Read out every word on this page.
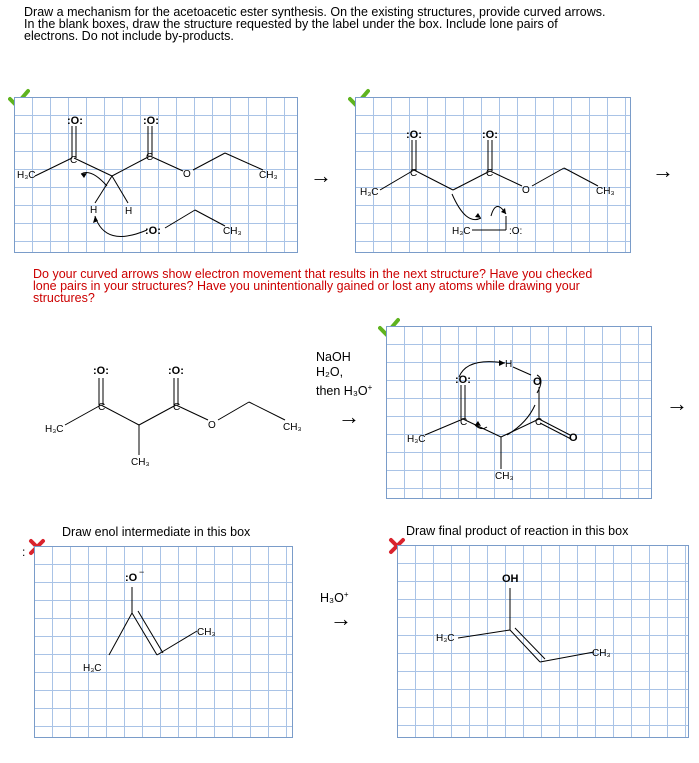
Draw a mechanism for the acetoacetic ester synthesis. On the existing structures, provide curved arrows.
In the blank boxes, draw the structure requested by the label under the box. Include lone pairs of
electrons. Do not include by-products.
H₃C
:O:
C
:O:
C
O	CH₃
H	H
:O:	CH₃
→
H₃C
:O:
C
:O:
C
O	CH₃
H₃C	:O:
→
Do your curved arrows show electron movement that results in the next structure? Have you checked
lone pairs in your structures? Have you unintentionally gained or lost any atoms while drawing your
structures?
H₃C
:O:
C
:O:
C
O	CH₃
CH₃
NaOH
H₂O,
then H₃O+
→
H₃C
:O:
C	C
O
H
O
CH₃
→
Draw enol intermediate in this box	Draw final product of reaction in this box
:
:O −
CH₃
H₃C
H₃O+
→
OH
H₃C
CH₃
